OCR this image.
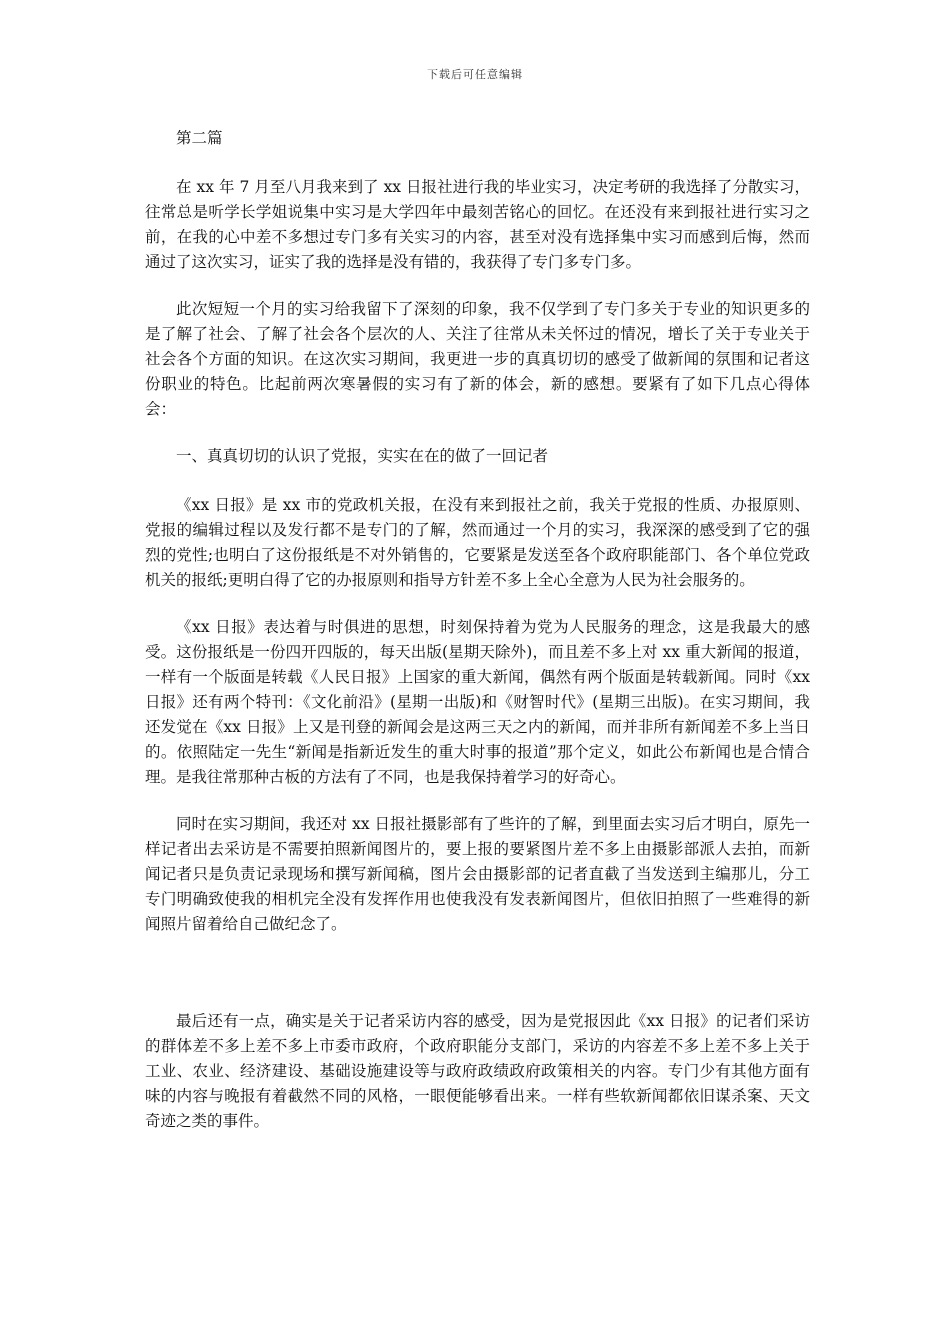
下载后可任意编辑

第二篇

在 xx 年 7 月至八月我来到了 xx 日报社进行我的毕业实习，决定考研的我选择了分散实习，往常总是听学长学姐说集中实习是大学四年中最刻苦铭心的回忆。在还没有来到报社进行实习之前，在我的心中差不多想过专门多有关实习的内容，甚至对没有选择集中实习而感到后悔，然而通过了这次实习，证实了我的选择是没有错的，我获得了专门多专门多。

此次短短一个月的实习给我留下了深刻的印象，我不仅学到了专门多关于专业的知识更多的是了解了社会、了解了社会各个层次的人、关注了往常从未关怀过的情况，增长了关于专业关于社会各个方面的知识。在这次实习期间，我更进一步的真真切切的感受了做新闻的氛围和记者这份职业的特色。比起前两次寒暑假的实习有了新的体会，新的感想。要紧有了如下几点心得体会：

一、真真切切的认识了党报，实实在在的做了一回记者

《xx 日报》是 xx 市的党政机关报，在没有来到报社之前，我关于党报的性质、办报原则、党报的编辑过程以及发行都不是专门的了解，然而通过一个月的实习，我深深的感受到了它的强烈的党性;也明白了这份报纸是不对外销售的，它要紧是发送至各个政府职能部门、各个单位党政机关的报纸;更明白得了它的办报原则和指导方针差不多上全心全意为人民为社会服务的。

《xx 日报》表达着与时俱进的思想，时刻保持着为党为人民服务的理念，这是我最大的感受。这份报纸是一份四开四版的，每天出版(星期天除外)，而且差不多上对 xx 重大新闻的报道，一样有一个版面是转载《人民日报》上国家的重大新闻，偶然有两个版面是转载新闻。同时《xx 日报》还有两个特刊：《文化前沿》(星期一出版)和《财智时代》(星期三出版)。在实习期间，我还发觉在《xx 日报》上又是刊登的新闻会是这两三天之内的新闻，而并非所有新闻差不多上当日的。依照陆定一先生“新闻是指新近发生的重大时事的报道”那个定义，如此公布新闻也是合情合理。是我往常那种古板的方法有了不同，也是我保持着学习的好奇心。

同时在实习期间，我还对 xx 日报社摄影部有了些许的了解，到里面去实习后才明白，原先一样记者出去采访是不需要拍照新闻图片的，要上报的要紧图片差不多上由摄影部派人去拍，而新闻记者只是负责记录现场和撰写新闻稿，图片会由摄影部的记者直截了当发送到主编那儿，分工专门明确致使我的相机完全没有发挥作用也使我没有发表新闻图片，但依旧拍照了一些难得的新闻照片留着给自己做纪念了。

最后还有一点，确实是关于记者采访内容的感受，因为是党报因此《xx 日报》的记者们采访的群体差不多上差不多上市委市政府，个政府职能分支部门，采访的内容差不多上差不多上关于工业、农业、经济建设、基础设施建设等与政府政绩政府政策相关的内容。专门少有其他方面有味的内容与晚报有着截然不同的风格，一眼便能够看出来。一样有些软新闻都依旧谋杀案、天文奇迹之类的事件。
